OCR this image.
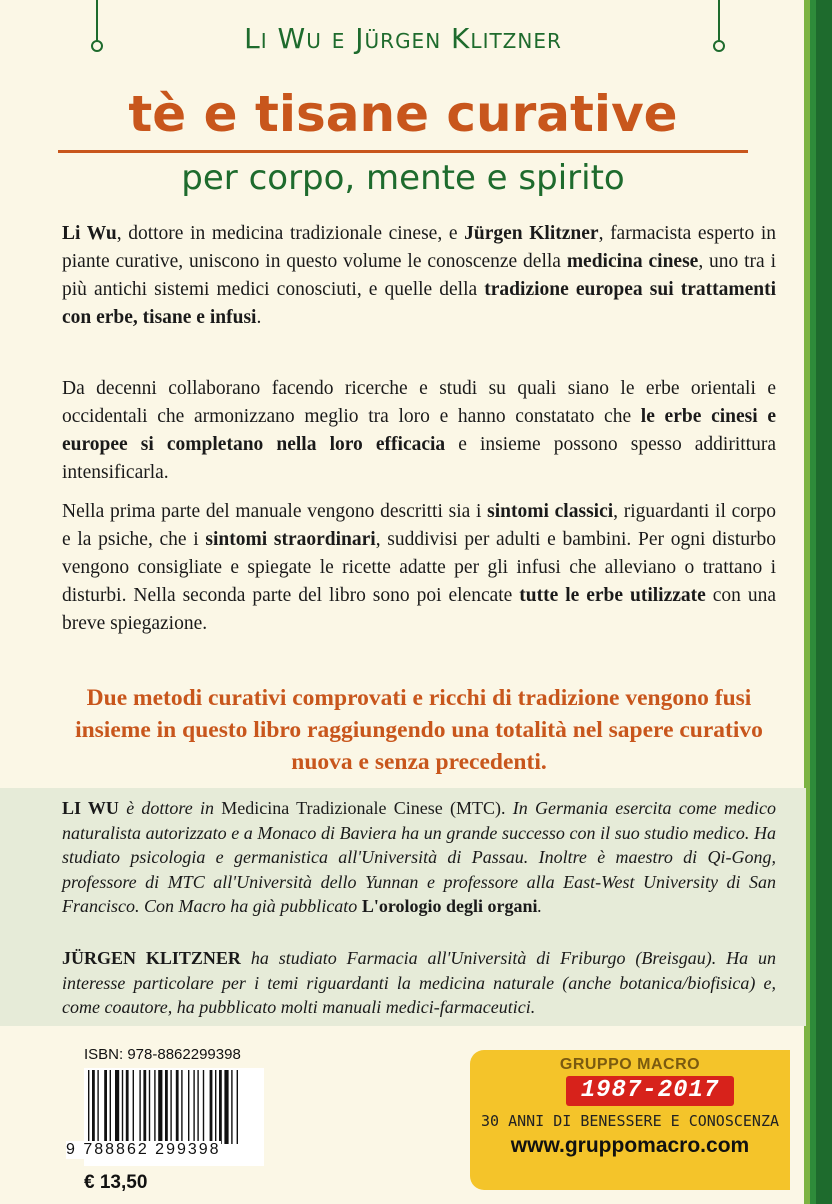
Li Wu e Jürgen Klitzner
tè e tisane curative
per corpo, mente e spirito
Li Wu, dottore in medicina tradizionale cinese, e Jürgen Klitzner, farmacista esperto in piante curative, uniscono in questo volume le conoscenze della medicina cinese, uno tra i più antichi sistemi medici conosciuti, e quelle della tradizione europea sui trattamenti con erbe, tisane e infusi.
Da decenni collaborano facendo ricerche e studi su quali siano le erbe orientali e occidentali che armonizzano meglio tra loro e hanno constatato che le erbe cinesi e europee si completano nella loro efficacia e insieme possono spesso addirittura intensificarla.
Nella prima parte del manuale vengono descritti sia i sintomi classici, riguardanti il corpo e la psiche, che i sintomi straordinari, suddivisi per adulti e bambini. Per ogni disturbo vengono consigliate e spiegate le ricette adatte per gli infusi che alleviano o trattano i disturbi. Nella seconda parte del libro sono poi elencate tutte le erbe utilizzate con una breve spiegazione.
Due metodi curativi comprovati e ricchi di tradizione vengono fusi insieme in questo libro raggiungendo una totalità nel sapere curativo nuova e senza precedenti.
LI WU è dottore in Medicina Tradizionale Cinese (MTC). In Germania esercita come medico naturalista autorizzato e a Monaco di Baviera ha un grande successo con il suo studio medico. Ha studiato psicologia e germanistica all'Università di Passau. Inoltre è maestro di Qi-Gong, professore di MTC all'Università dello Yunnan e professore alla East-West University di San Francisco. Con Macro ha già pubblicato L'orologio degli organi.
JÜRGEN KLITZNER ha studiato Farmacia all'Università di Friburgo (Breisgau). Ha un interesse particolare per i temi riguardanti la medicina naturale (anche botanica/biofisica) e, come coautore, ha pubblicato molti manuali medici-farmaceutici.
ISBN: 978-8862299398
9 788862 299398
€ 13,50
GRUPPO MACRO
1987-2017
30 ANNI DI BENESSERE E CONOSCENZA
www.gruppomacro.com
